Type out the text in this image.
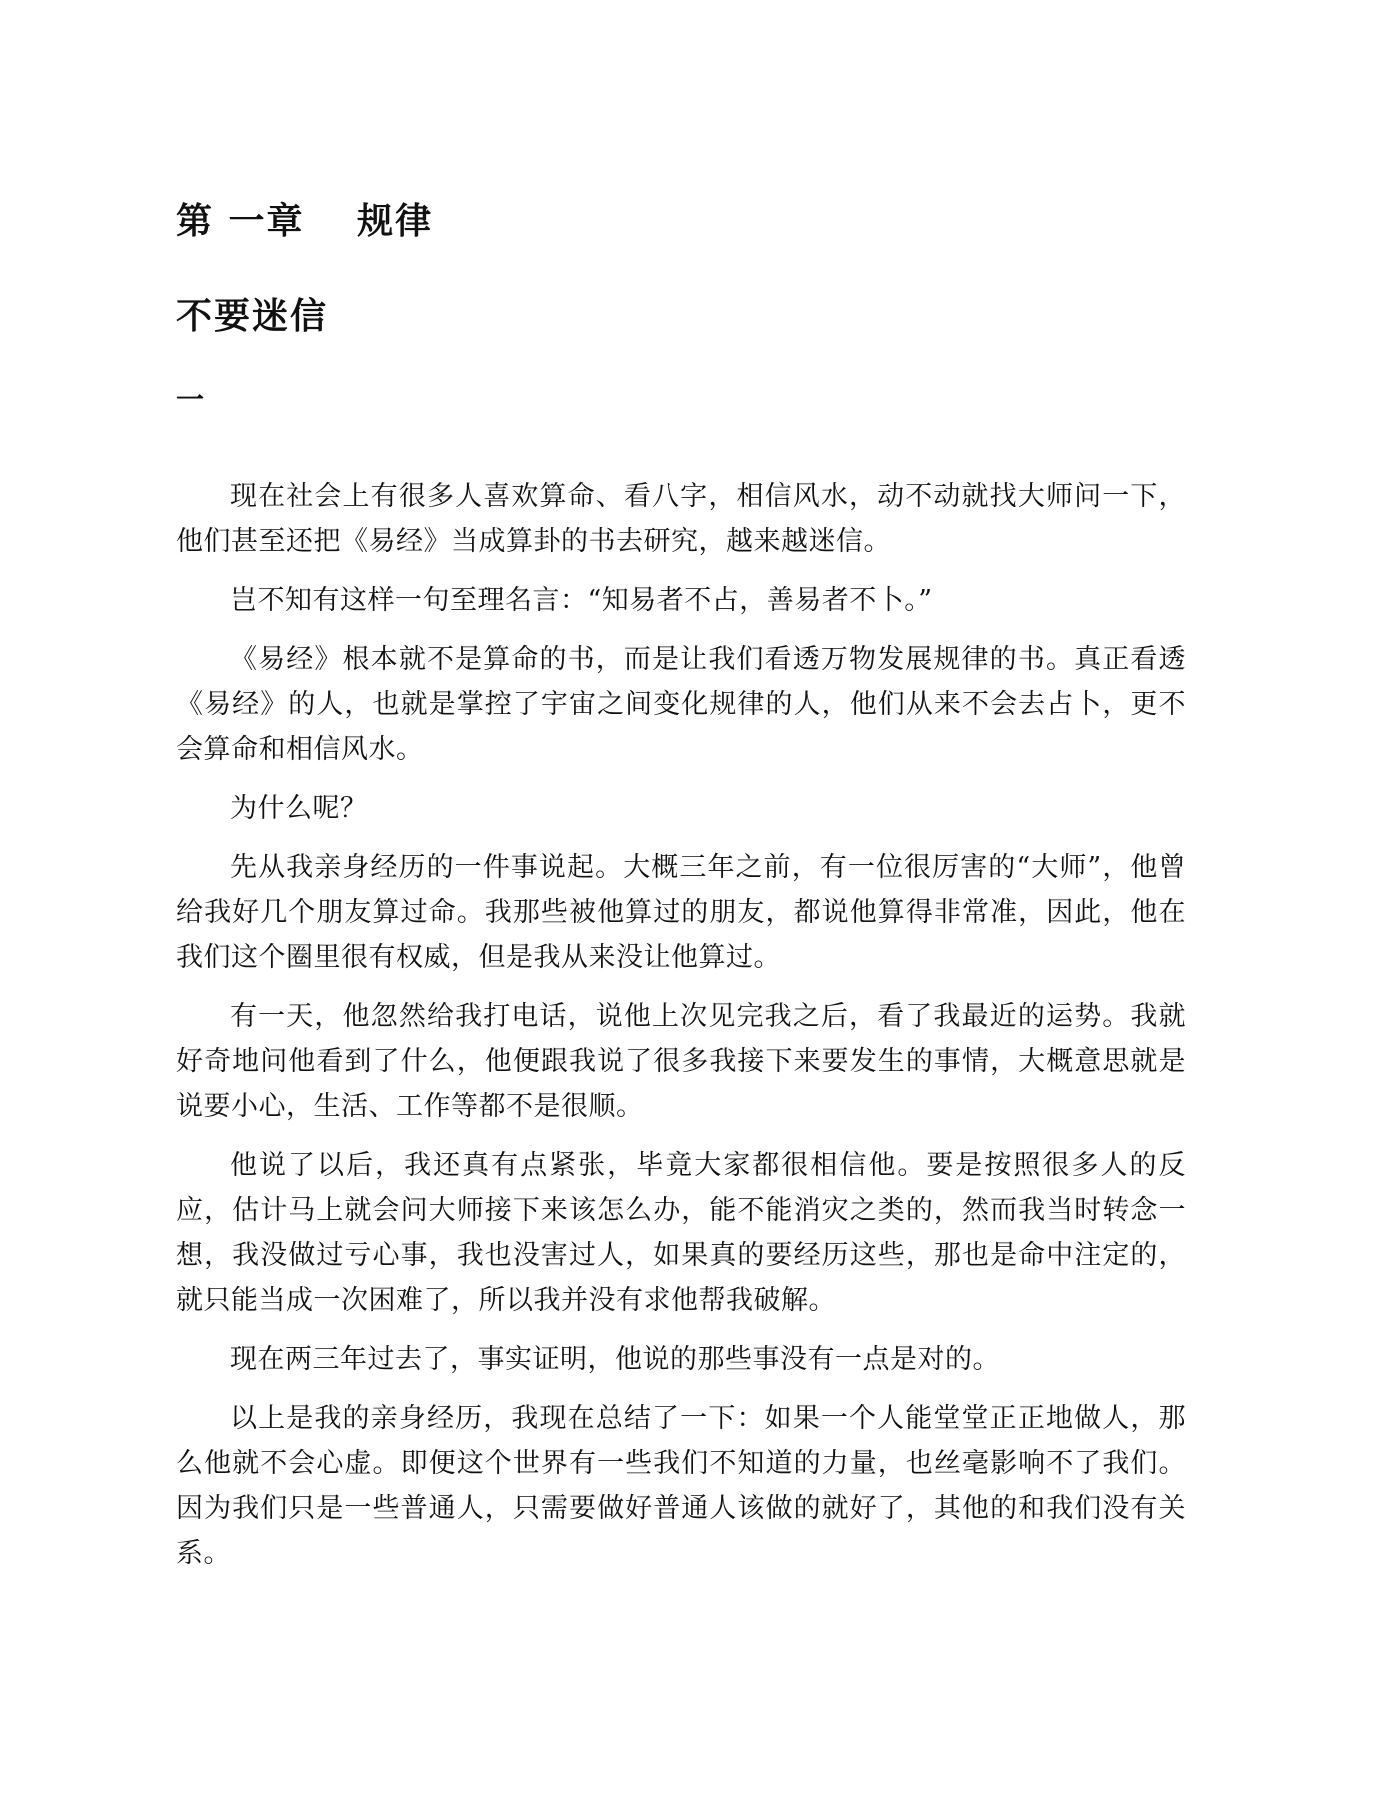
第 一章　 规律
不要迷信
一

现在社会上有很多人喜欢算命、看八字，相信风水，动不动就找大师问一下，他们甚至还把《易经》当成算卦的书去研究，越来越迷信。

岂不知有这样一句至理名言：“知易者不占，善易者不卜。”

《易经》根本就不是算命的书，而是让我们看透万物发展规律的书。真正看透《易经》的人，也就是掌控了宇宙之间变化规律的人，他们从来不会去占卜，更不会算命和相信风水。

为什么呢？

先从我亲身经历的一件事说起。大概三年之前，有一位很厉害的“大师”，他曾给我好几个朋友算过命。我那些被他算过的朋友，都说他算得非常准，因此，他在我们这个圈里很有权威，但是我从来没让他算过。

有一天，他忽然给我打电话，说他上次见完我之后，看了我最近的运势。我就好奇地问他看到了什么，他便跟我说了很多我接下来要发生的事情，大概意思就是说要小心，生活、工作等都不是很顺。

他说了以后，我还真有点紧张，毕竟大家都很相信他。要是按照很多人的反应，估计马上就会问大师接下来该怎么办，能不能消灾之类的，然而我当时转念一想，我没做过亏心事，我也没害过人，如果真的要经历这些，那也是命中注定的，就只能当成一次困难了，所以我并没有求他帮我破解。

现在两三年过去了，事实证明，他说的那些事没有一点是对的。

以上是我的亲身经历，我现在总结了一下：如果一个人能堂堂正正地做人，那么他就不会心虚。即便这个世界有一些我们不知道的力量，也丝毫影响不了我们。因为我们只是一些普通人，只需要做好普通人该做的就好了，其他的和我们没有关系。
